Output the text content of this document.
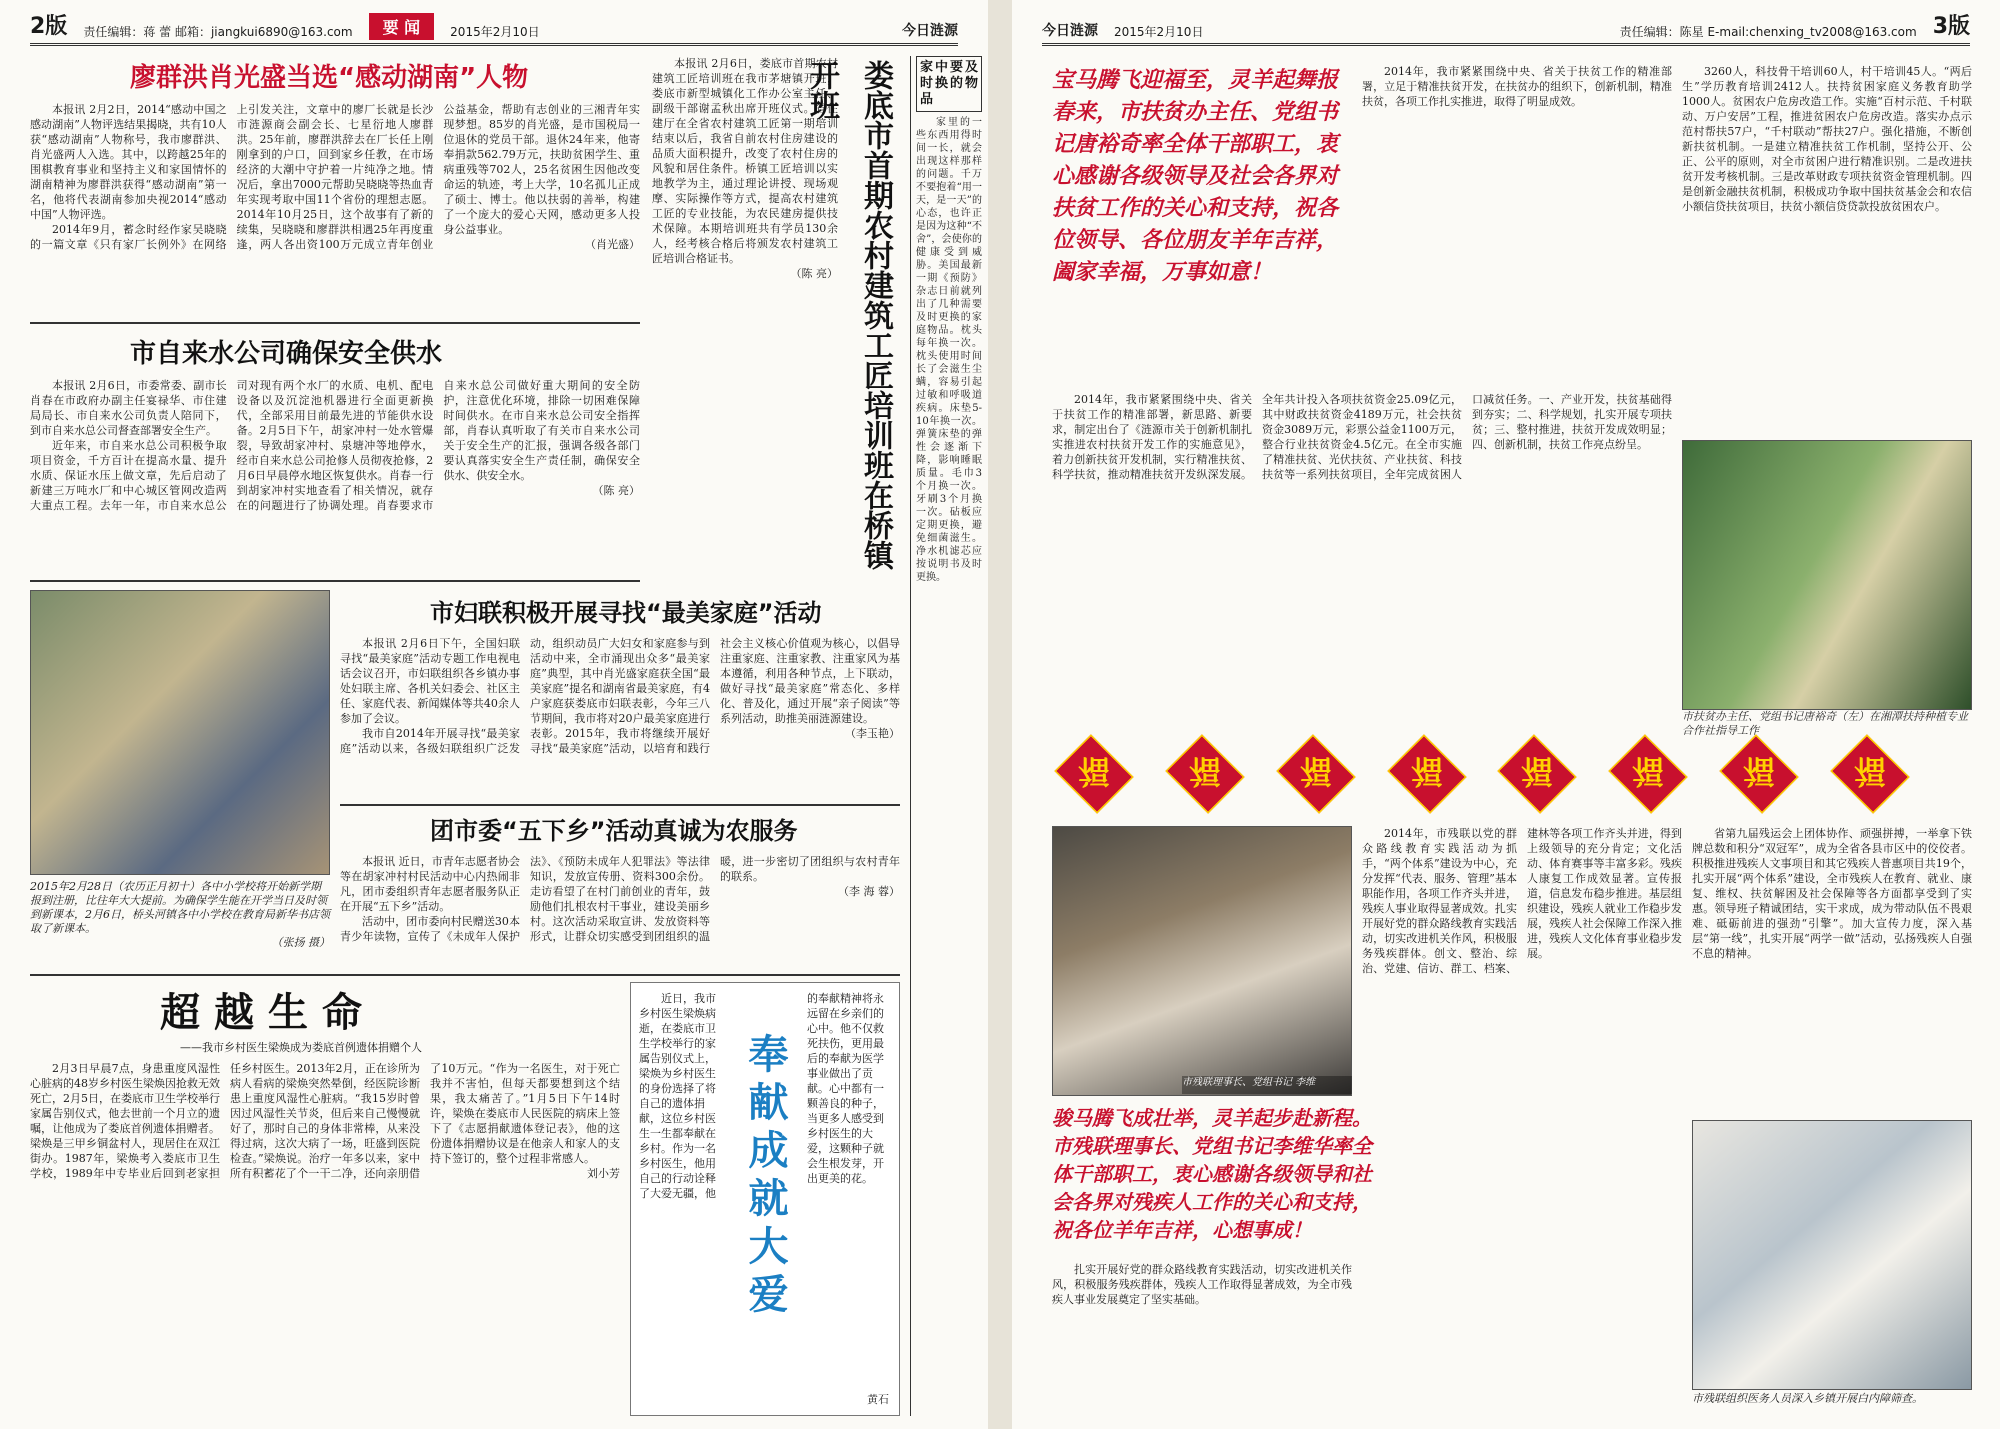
2版 责任编辑：蒋 蕾 邮箱：jiangkui6890@163.com	要 闻	2015年2月10日	今日涟源
廖群洪肖光盛当选“感动湖南”人物

本报讯 2月2日，2014“感动中国之感动湖南”人物评选结果揭晓，共有10人获“感动湖南”人物称号，我市廖群洪、肖光盛两人入选。其中，以跨越25年的围棋教育事业和坚持主义和家国情怀的湖南精神为廖群洪获得“感动湖南”第一名，他将代表湖南参加央视2014“感动中国”人物评选。

2014年9月，蓄念时经作家吴晓晓的一篇文章《只有家厂长例外》在网络上引发关注，文章中的廖厂长就是长沙市涟源商会副会长、七星衍地人廖群洪。25年前，廖群洪辞去在厂长任上刚刚拿到的户口，回到家乡任教，在市场经济的大潮中守护着一片纯净之地。情况后，拿出7000元帮助吴晓晓等热血青年实现考取中国11个省份的理想志愿。2014年10月25日，这个故事有了新的续集，吴晓晓和廖群洪相遇25年再度重逢，两人各出资100万元成立青年创业公益基金，帮助有志创业的三湘青年实现梦想。85岁的肖光盛，是市国税局一位退休的党员干部。退休24年来，他寄奉捐款562.79万元，扶助贫困学生、重病重残等702人，25名贫困生因他改变命运的轨迹，考上大学，10名孤儿正成了硕士、博士。他以扶弱的善举，构建了一个庞大的爱心天网，感动更多人投身公益事业。

（肖光盛）
市自来水公司确保安全供水

本报讯 2月6日，市委常委、副市长肖春在市政府办副主任宴禄华、市住建局局长、市自来水公司负责人陪同下，到市自来水总公司督查部署安全生产。

近年来，市自来水总公司积极争取项目资金，千方百计在提高水量、提升水质、保证水压上做文章，先后启动了新建三万吨水厂和中心城区管网改造两大重点工程。去年一年，市自来水总公司对现有两个水厂的水质、电机、配电设备以及沉淀池机器进行全面更新换代，全部采用目前最先进的节能供水设备。2月5日下午，胡家冲村一处水管爆裂，导致胡家冲村、泉塘冲等地停水，经市自来水总公司抢修人员彻夜抢修，2月6日早晨停水地区恢复供水。肖春一行到胡家冲村实地查看了相关情况，就存在的问题进行了协调处理。肖春要求市自来水总公司做好重大期间的安全防护，注意优化环境，排除一切困难保障时间供水。在市自来水总公司安全指挥部，肖春认真听取了有关市自来水公司关于安全生产的汇报，强调各级各部门要认真落实安全生产责任制，确保安全供水、供安全水。

（陈 亮）

本报讯 2月6日，娄底市首期农村建筑工匠培训班在我市茅塘镇开班，娄底市新型城镇化工作办公室主任、副级干部谢孟秋出席开班仪式。省住建厅在全省农村建筑工匠第一期培训结束以后，我省自前农村住房建设的品质大面积提升，改变了农村住房的风貌和居住条件。桥镇工匠培训以实地教学为主，通过理论讲授、现场观摩、实际操作等方式，提高农村建筑工匠的专业技能，为农民建房提供技术保障。本期培训班共有学员130余人，经考核合格后将颁发农村建筑工匠培训合格证书。

（陈 亮） 娄底市首期农村建筑工匠培训班在桥镇开班	家中要及时换的物品

家里的一些东西用得时间一长，就会出现这样那样的问题。千万不要抱着“用一天，是一天”的心态，也许正是因为这种“不舍”，会使你的健康受到威胁。美国最新一期《预防》杂志日前就列出了几种需要及时更换的家庭物品。枕头每年换一次。枕头使用时间长了会滋生尘螨，容易引起过敏和呼吸道疾病。床垫5-10年换一次。弹簧床垫的弹性会逐渐下降，影响睡眠质量。毛巾3个月换一次。牙刷3个月换一次。砧板应定期更换，避免细菌滋生。净水机滤芯应按说明书及时更换。

2015年2月28日（农历正月初十）各中小学校将开始新学期报到注册，比往年大大提前。为确保学生能在开学当日及时领到新课本，2月6日，桥头河镇各中小学校在教育局新华书店领取了新课本。
（张扬 摄）
市妇联积极开展寻找“最美家庭”活动

本报讯 2月6日下午，全国妇联寻找“最美家庭”活动专题工作电视电话会议召开，市妇联组织各乡镇办事处妇联主席、各机关妇委会、社区主任、家庭代表、新闻媒体等共40余人参加了会议。

我市自2014年开展寻找“最美家庭”活动以来，各级妇联组织广泛发动，组织动员广大妇女和家庭参与到活动中来，全市涌现出众多“最美家庭”典型，其中肖光盛家庭获全国“最美家庭”提名和湖南省最美家庭，有4户家庭获娄底市妇联表彰，今年三八节期间，我市将对20户最美家庭进行表彰。2015年，我市将继续开展好寻找“最美家庭”活动，以培育和践行社会主义核心价值观为核心，以倡导注重家庭、注重家教、注重家风为基本遵循，利用各种节点，上下联动，做好寻找“最美家庭”常态化、多样化、普及化，通过开展“亲子阅读”等系列活动，助推美丽涟源建设。

（李玉艳）
团市委“五下乡”活动真诚为农服务

本报讯 近日，市青年志愿者协会等在胡家冲村村民活动中心内热闹非凡，团市委组织青年志愿者服务队正在开展“五下乡”活动。

活动中，团市委向村民赠送30本青少年读物，宣传了《未成年人保护法》、《预防未成年人犯罪法》等法律知识，发放宣传册、资料300余份。走访看望了在村门前创业的青年，鼓励他们扎根农村干事业，建设美丽乡村。这次活动采取宣讲、发放资料等形式，让群众切实感受到团组织的温暖，进一步密切了团组织与农村青年的联系。

（李 海 蓉）
超越生命
——我市乡村医生梁焕成为娄底首例遗体捐赠个人

2月3日早晨7点，身患重度风湿性心脏病的48岁乡村医生梁焕因抢救无效死亡，2月5日，在娄底市卫生学校举行家属告别仪式，他去世前一个月立的遗嘱，让他成为了娄底首例遗体捐赠者。梁焕是三甲乡铜盆村人，现居住在双江街办。1987年，梁焕考入娄底市卫生学校，1989年中专毕业后回到老家担任乡村医生。2013年2月，正在诊所为病人看病的梁焕突然晕倒，经医院诊断患上重度风湿性心脏病。“我15岁时曾因过风湿性关节炎，但后来自己慢慢就好了，那时自己的身体非常棒，从来没得过病，这次大病了一场，旺盛到医院检查。”梁焕说。治疗一年多以来，家中所有积蓄花了个一干二净，还向亲朋借了10万元。“作为一名医生，对于死亡我并不害怕，但每天都要想到这个结果，我太痛苦了。”1月5日下午14时许，梁焕在娄底市人民医院的病床上签下了《志愿捐献遗体登记表》，他的这份遗体捐赠协议是在他亲人和家人的支持下签订的，整个过程非常感人。

刘小芳	奉献成就大爱

近日，我市乡村医生梁焕病逝，在娄底市卫生学校举行的家属告别仪式上，梁焕为乡村医生的身份选择了将自己的遗体捐献，这位乡村医生一生都奉献在乡村。作为一名乡村医生，他用自己的行动诠释了大爱无疆，他的奉献精神将永远留在乡亲们的心中。他不仅救死扶伤，更用最后的奉献为医学事业做出了贡献。心中都有一颗善良的种子，当更多人感受到乡村医生的大爱，这颗种子就会生根发芽，开出更美的花。

黄石
今日涟源 2015年2月10日	责任编辑：陈星 E-mail:chenxing_tv2008@163.com 3版
宝马腾飞迎福至，灵羊起舞报春来，市扶贫办主任、党组书记唐裕奇率全体干部职工，衷心感谢各级领导及社会各界对扶贫工作的关心和支持，祝各位领导、各位朋友羊年吉祥，阖家幸福，万事如意！

2014年，我市紧紧围绕中央、省关于扶贫工作的精准部署，新思路、新要求，制定出台了《涟源市关于创新机制扎实推进农村扶贫开发工作的实施意见》，着力创新扶贫开发机制，实行精准扶贫、科学扶贫，推动精准扶贫开发纵深发展。全年共计投入各项扶贫资金25.09亿元，其中财政扶贫资金4189万元，社会扶贫资金3089万元，彩票公益金1100万元，整合行业扶贫资金4.5亿元。在全市实施了精准扶贫、光伏扶贫、产业扶贫、科技扶贫等一系列扶贫项目，全年完成贫困人口减贫任务。一、产业开发，扶贫基础得到夯实；二、科学规划，扎实开展专项扶贫；三、整村推进，扶贫开发成效明显；四、创新机制，扶贫工作亮点纷呈。

2014年，我市紧紧围绕中央、省关于扶贫工作的精准部署，立足于精准扶贫开发，在扶贫办的组织下，创新机制，精准扶贫，各项工作扎实推进，取得了明显成效。

3260人，科技骨干培训60人，村干培训45人。“两后生”学历教育培训2412人。扶持贫困家庭义务教育助学1000人。贫困农户危房改造工作。实施“百村示范、千村联动、万户安居”工程，推进贫困农户危房改造。落实办点示范村帮扶57户，“千村联动”帮扶27户。强化措施，不断创新扶贫机制。一是建立精准扶贫工作机制，坚持公开、公正、公平的原则，对全市贫困户进行精准识别。二是改进扶贫开发考核机制。三是改革财政专项扶贫资金管理机制。四是创新金融扶贫机制，积极成功争取中国扶贫基金会和农信小额信贷扶贫项目，扶贫小额信贷贷款投放贫困农户。

市扶贫办主任、党组书记唐裕奇（左）在湘潭扶持种植专业合作社指导工作
福 福 福 福 福 福 福 福
市残联理事长、党组书记 李维
骏马腾飞成壮举，灵羊起步赴新程。市残联理事长、党组书记李维华率全体干部职工，衷心感谢各级领导和社会各界对残疾人工作的关心和支持，祝各位羊年吉祥，心想事成！

2014年，市残联以党的群众路线教育实践活动为抓手，“两个体系”建设为中心，充分发挥“代表、服务、管理”基本职能作用，各项工作齐头并进，残疾人事业取得显著成效。扎实开展好党的群众路线教育实践活动，切实改进机关作风，积极服务残疾群体。创文、整治、综治、党建、信访、群工、档案、建林等各项工作齐头并进，得到上级领导的充分肯定；文化活动、体育赛事等丰富多彩。残疾人康复工作成效显著。宣传报道，信息发布稳步推进。基层组织建设，残疾人就业工作稳步发展，残疾人社会保障工作深入推进，残疾人文化体育事业稳步发展。

扎实开展好党的群众路线教育实践活动，切实改进机关作风，积极服务残疾群体，残疾人工作取得显著成效，为全市残疾人事业发展奠定了坚实基础。

省第九届残运会上团体协作、顽强拼搏，一举拿下铁牌总数和积分“双冠军”，成为全省各县市区中的佼佼者。积极推进残疾人文事项目和其它残疾人普惠项目共19个，扎实开展“两个体系”建设，全市残疾人在教育、就业、康复、维权、扶贫解困及社会保障等各方面都享受到了实惠。领导班子精诚团结，实干求成，成为带动队伍不畏艰难、砥砺前进的强劲“引擎”。加大宣传力度，深入基层“第一线”，扎实开展“两学一做”活动，弘扬残疾人自强不息的精神。

市残联组织医务人员深入乡镇开展白内障筛查。
